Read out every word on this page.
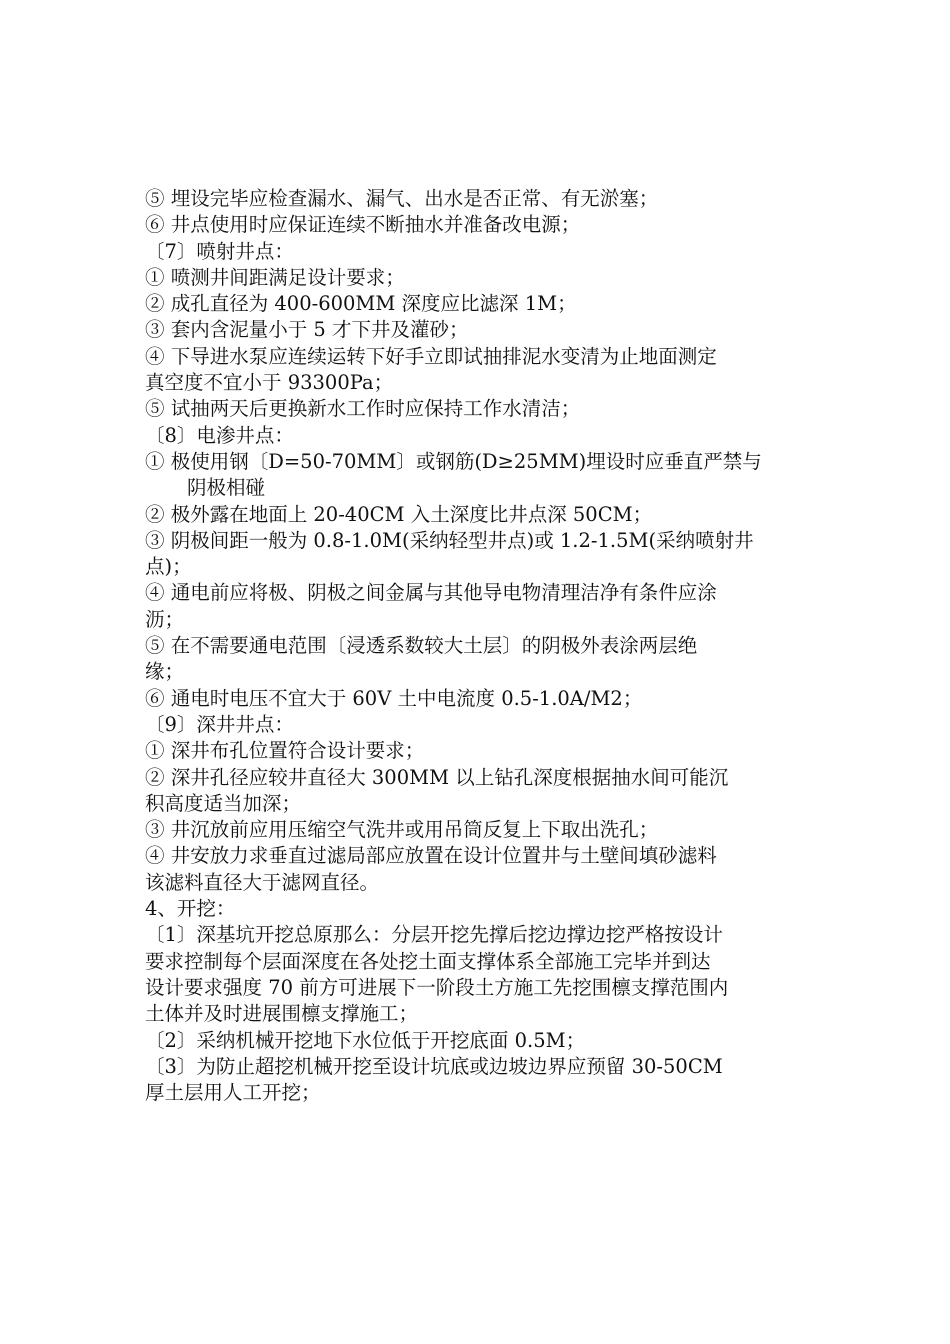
⑤ 埋设完毕应检查漏水、漏气、出水是否正常、有无淤塞；

⑥ 井点使用时应保证连续不断抽水并准备改电源；

〔7〕喷射井点：

① 喷测井间距满足设计要求；

② 成孔直径为 400-600MM 深度应比滤深 1M；

③ 套内含泥量小于 5 才下井及灌砂；

④ 下导进水泵应连续运转下好手立即试抽排泥水变清为止地面测定

真空度不宜小于 93300Pa；

⑤ 试抽两天后更换新水工作时应保持工作水清洁；

〔8〕电渗井点：

① 极使用钢〔D=50-70MM〕或钢筋(D≥25MM)埋设时应垂直严禁与

阴极相碰

② 极外露在地面上 20-40CM 入土深度比井点深 50CM；

③ 阴极间距一般为 0.8-1.0M(采纳轻型井点)或 1.2-1.5M(采纳喷射井

点)；

④ 通电前应将极、阴极之间金属与其他导电物清理洁净有条件应涂

沥；

⑤ 在不需要通电范围〔浸透系数较大土层〕的阴极外表涂两层绝

缘；

⑥ 通电时电压不宜大于 60V 土中电流度 0.5-1.0A/M2；

〔9〕深井井点：

① 深井布孔位置符合设计要求；

② 深井孔径应较井直径大 300MM 以上钻孔深度根据抽水间可能沉

积高度适当加深；

③ 井沉放前应用压缩空气洗井或用吊筒反复上下取出洗孔；

④ 井安放力求垂直过滤局部应放置在设计位置井与土壁间填砂滤料

该滤料直径大于滤网直径。

4、开挖：

〔1〕深基坑开挖总原那么：分层开挖先撑后挖边撑边挖严格按设计

要求控制每个层面深度在各处挖土面支撑体系全部施工完毕并到达

设计要求强度 70 前方可进展下一阶段土方施工先挖围檩支撑范围内

土体并及时进展围檩支撑施工；

〔2〕采纳机械开挖地下水位低于开挖底面 0.5M；

〔3〕为防止超挖机械开挖至设计坑底或边坡边界应预留 30-50CM

厚土层用人工开挖；
